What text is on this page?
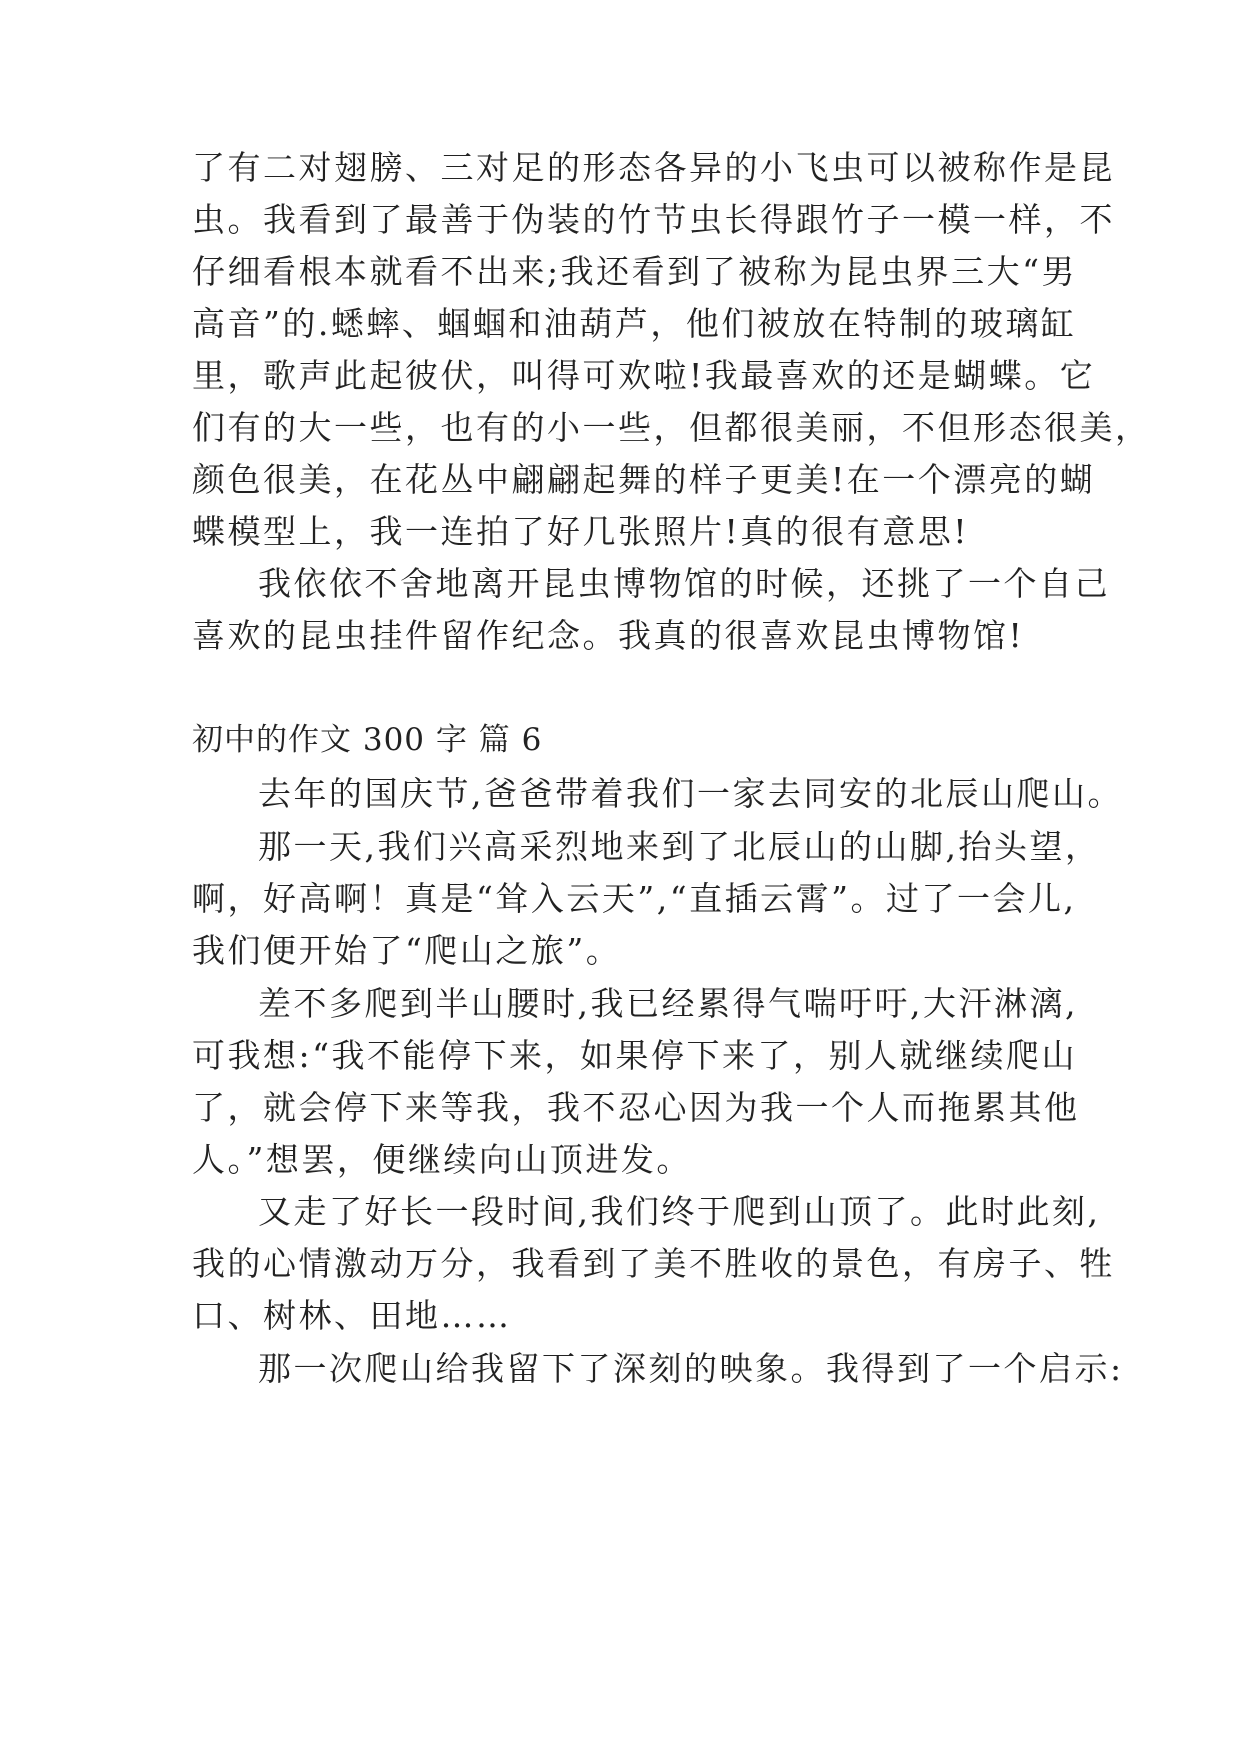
了有二对翅膀、三对足的形态各异的小飞虫可以被称作是昆
虫。我看到了最善于伪装的竹节虫长得跟竹子一模一样，不
仔细看根本就看不出来;我还看到了被称为昆虫界三大“男
高音”的.蟋蟀、蝈蝈和油葫芦，他们被放在特制的玻璃缸
里，歌声此起彼伏，叫得可欢啦!我最喜欢的还是蝴蝶。它
们有的大一些，也有的小一些，但都很美丽，不但形态很美，
颜色很美，在花丛中翩翩起舞的样子更美!在一个漂亮的蝴
蝶模型上，我一连拍了好几张照片!真的很有意思!
我依依不舍地离开昆虫博物馆的时候，还挑了一个自己
喜欢的昆虫挂件留作纪念。我真的很喜欢昆虫博物馆!
初中的作文 300 字 篇 6
去年的国庆节,爸爸带着我们一家去同安的北辰山爬山。
那一天,我们兴高采烈地来到了北辰山的山脚,抬头望，
啊，好高啊！真是“耸入云天”,“直插云霄”。过了一会儿,
我们便开始了“爬山之旅”。
差不多爬到半山腰时,我已经累得气喘吁吁,大汗淋漓,
可我想:“我不能停下来，如果停下来了，别人就继续爬山
了，就会停下来等我，我不忍心因为我一个人而拖累其他
人。”想罢，便继续向山顶进发。
又走了好长一段时间,我们终于爬到山顶了。此时此刻,
我的心情激动万分，我看到了美不胜收的景色，有房子、牲
口、树林、田地……
那一次爬山给我留下了深刻的映象。我得到了一个启示:
